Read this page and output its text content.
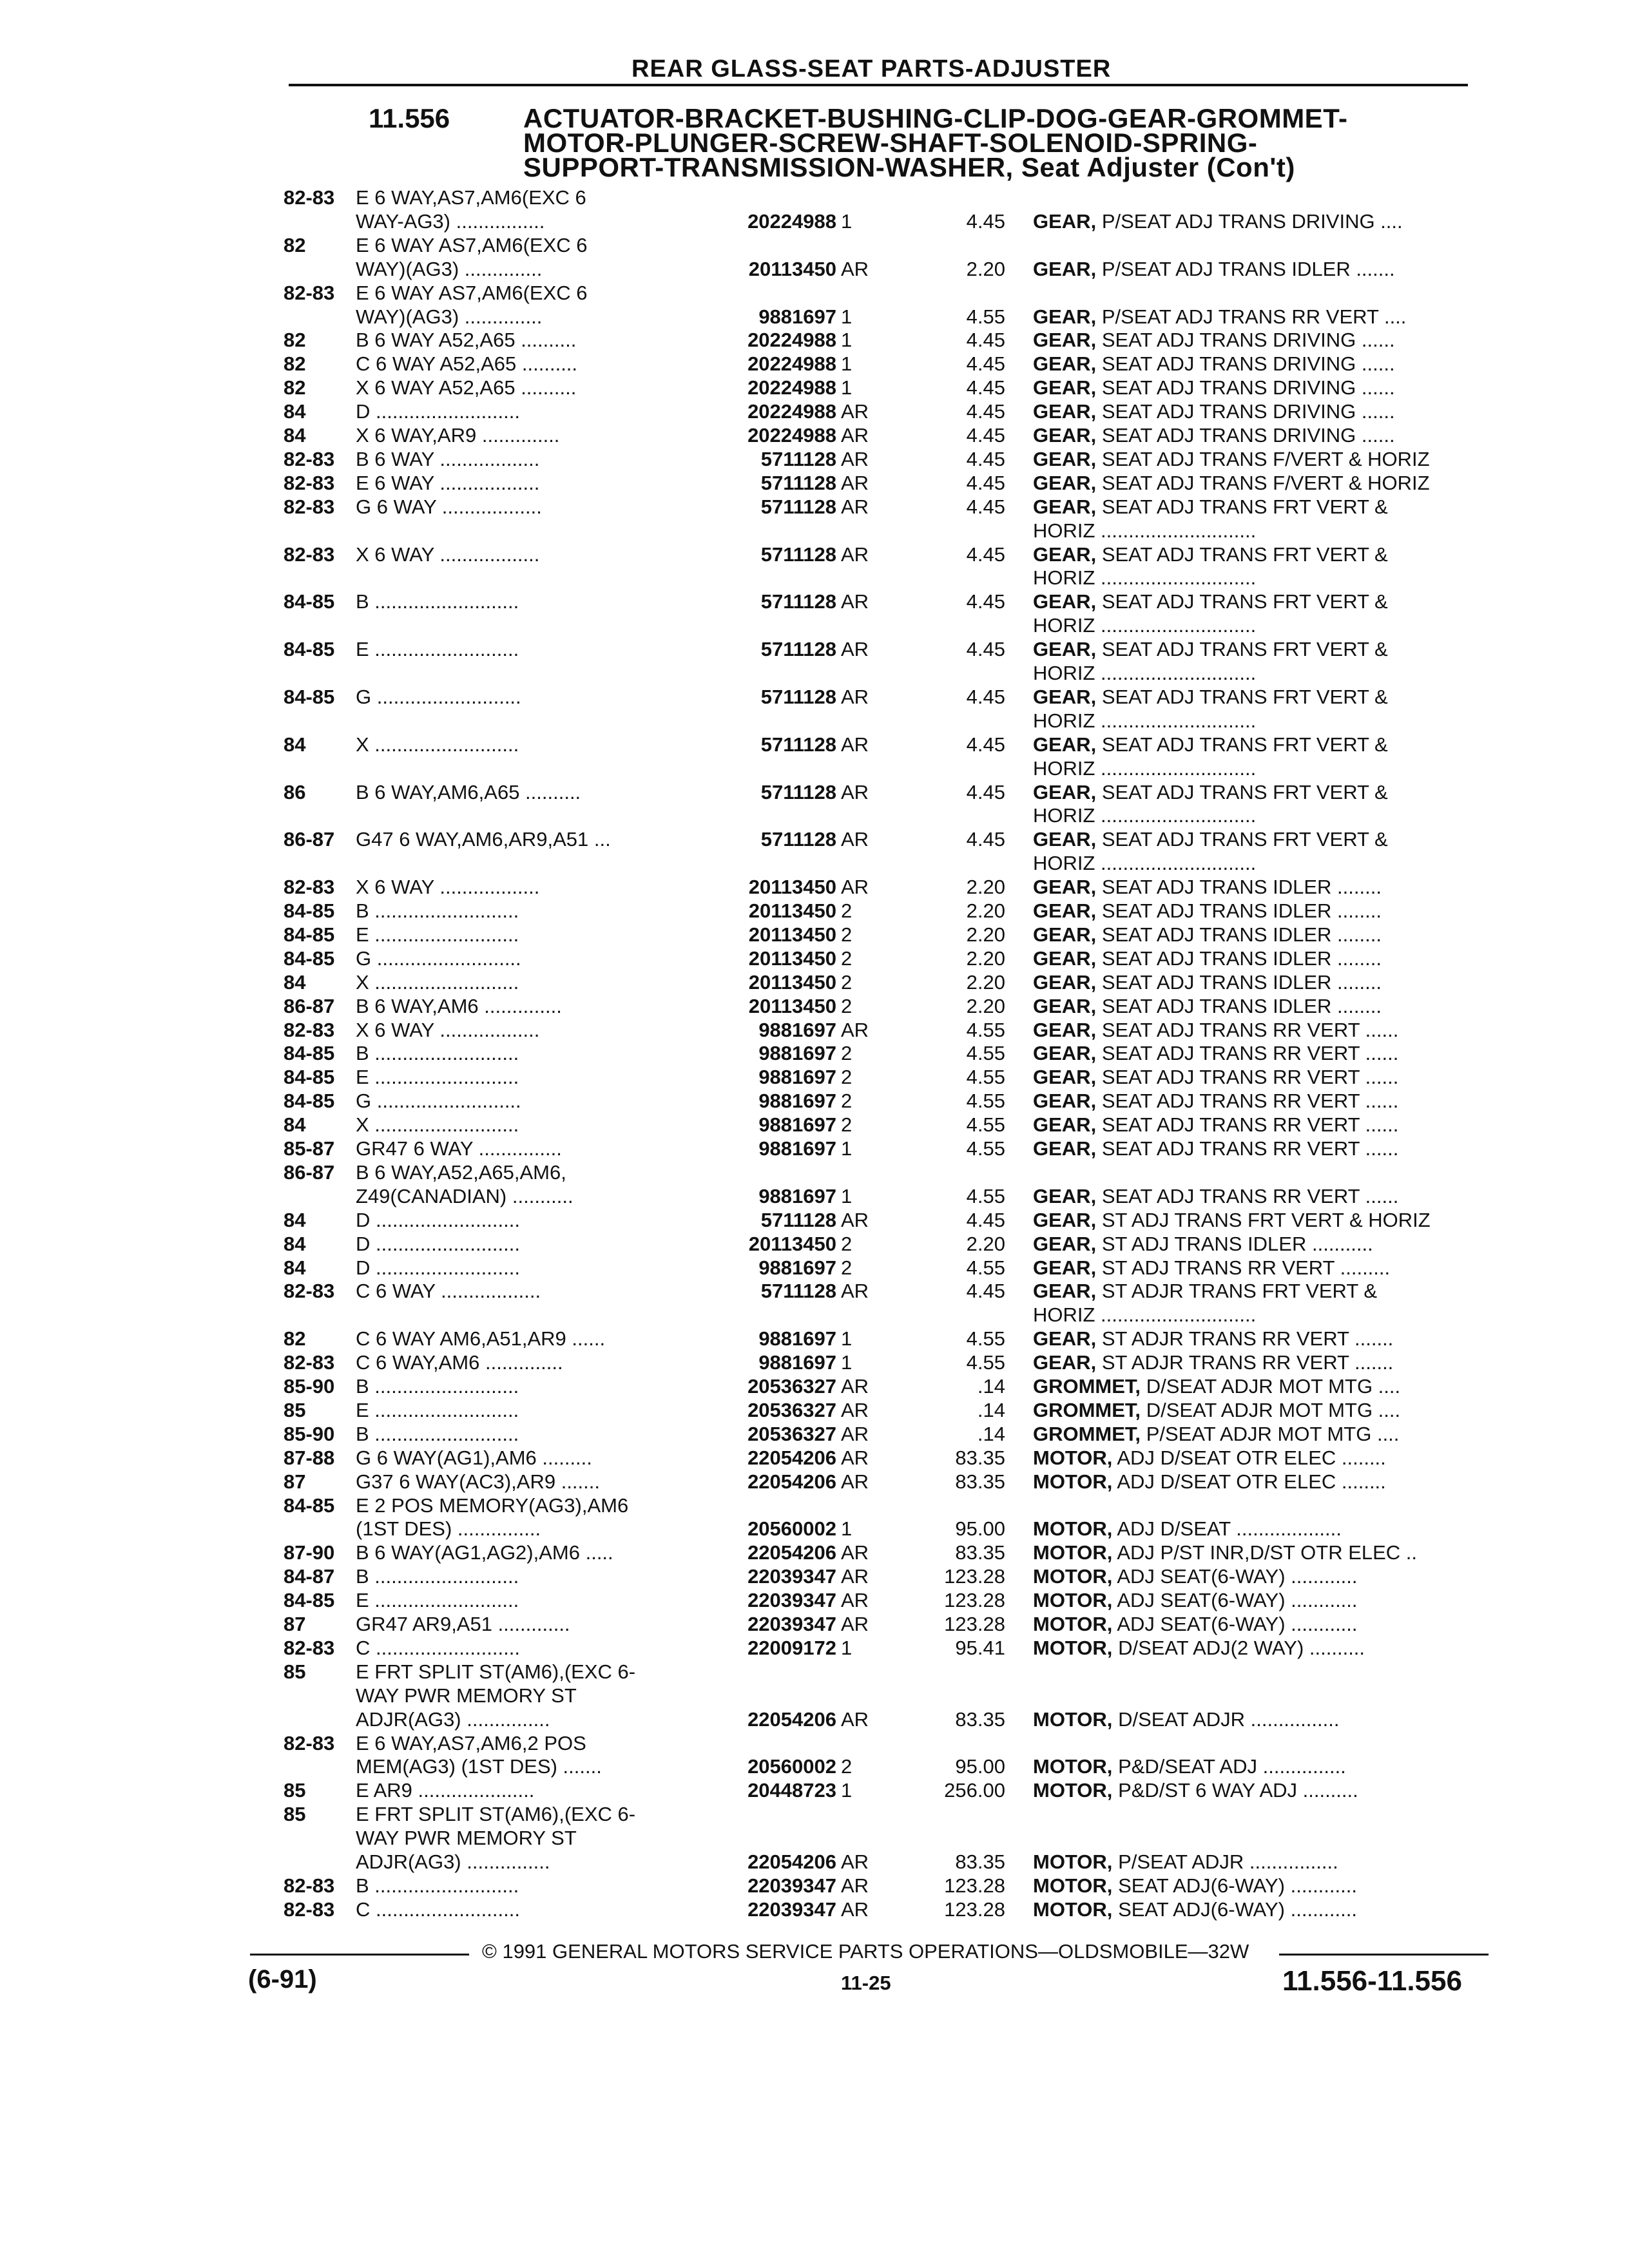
REAR GLASS-SEAT PARTS-ADJUSTER
11.556	ACTUATOR-BRACKET-BUSHING-CLIP-DOG-GEAR-GROMMET-
MOTOR-PLUNGER-SCREW-SHAFT-SOLENOID-SPRING-
SUPPORT-TRANSMISSION-WASHER, Seat Adjuster (Con't)
82-83	E 6 WAY,AS7,AM6(EXC 6
WAY-AG3) ................	20224988 1	4.45 GEAR, P/SEAT ADJ TRANS DRIVING ....
82	E 6 WAY AS7,AM6(EXC 6
WAY)(AG3) ..............	20113450 AR	2.20 GEAR, P/SEAT ADJ TRANS IDLER .......
82-83	E 6 WAY AS7,AM6(EXC 6
WAY)(AG3) ..............	9881697 1	4.55 GEAR, P/SEAT ADJ TRANS RR VERT ....
82	B 6 WAY A52,A65 ..........	20224988 1	4.45 GEAR, SEAT ADJ TRANS DRIVING ......
82	C 6 WAY A52,A65 ..........	20224988 1	4.45 GEAR, SEAT ADJ TRANS DRIVING ......
82	X 6 WAY A52,A65 ..........	20224988 1	4.45 GEAR, SEAT ADJ TRANS DRIVING ......
84	D ..........................	20224988 AR	4.45 GEAR, SEAT ADJ TRANS DRIVING ......
84	X 6 WAY,AR9 ..............	20224988 AR	4.45 GEAR, SEAT ADJ TRANS DRIVING ......
82-83	B 6 WAY ..................	5711128 AR	4.45 GEAR, SEAT ADJ TRANS F/VERT & HORIZ
82-83	E 6 WAY ..................	5711128 AR	4.45 GEAR, SEAT ADJ TRANS F/VERT & HORIZ
82-83	G 6 WAY ..................	5711128 AR	4.45 GEAR, SEAT ADJ TRANS FRT VERT &
HORIZ ............................
82-83	X 6 WAY ..................	5711128 AR	4.45 GEAR, SEAT ADJ TRANS FRT VERT &
HORIZ ............................
84-85	B ..........................	5711128 AR	4.45 GEAR, SEAT ADJ TRANS FRT VERT &
HORIZ ............................
84-85	E ..........................	5711128 AR	4.45 GEAR, SEAT ADJ TRANS FRT VERT &
HORIZ ............................
84-85	G ..........................	5711128 AR	4.45 GEAR, SEAT ADJ TRANS FRT VERT &
HORIZ ............................
84	X ..........................	5711128 AR	4.45 GEAR, SEAT ADJ TRANS FRT VERT &
HORIZ ............................
86	B 6 WAY,AM6,A65 ..........	5711128 AR	4.45 GEAR, SEAT ADJ TRANS FRT VERT &
HORIZ ............................
86-87	G47 6 WAY,AM6,AR9,A51 ...	5711128 AR	4.45 GEAR, SEAT ADJ TRANS FRT VERT &
HORIZ ............................
82-83	X 6 WAY ..................	20113450 AR	2.20 GEAR, SEAT ADJ TRANS IDLER ........
84-85	B ..........................	20113450 2	2.20 GEAR, SEAT ADJ TRANS IDLER ........
84-85	E ..........................	20113450 2	2.20 GEAR, SEAT ADJ TRANS IDLER ........
84-85	G ..........................	20113450 2	2.20 GEAR, SEAT ADJ TRANS IDLER ........
84	X ..........................	20113450 2	2.20 GEAR, SEAT ADJ TRANS IDLER ........
86-87	B 6 WAY,AM6 ..............	20113450 2	2.20 GEAR, SEAT ADJ TRANS IDLER ........
82-83	X 6 WAY ..................	9881697 AR	4.55 GEAR, SEAT ADJ TRANS RR VERT ......
84-85	B ..........................	9881697 2	4.55 GEAR, SEAT ADJ TRANS RR VERT ......
84-85	E ..........................	9881697 2	4.55 GEAR, SEAT ADJ TRANS RR VERT ......
84-85	G ..........................	9881697 2	4.55 GEAR, SEAT ADJ TRANS RR VERT ......
84	X ..........................	9881697 2	4.55 GEAR, SEAT ADJ TRANS RR VERT ......
85-87	GR47 6 WAY ...............	9881697 1	4.55 GEAR, SEAT ADJ TRANS RR VERT ......
86-87	B 6 WAY,A52,A65,AM6,
Z49(CANADIAN) ...........	9881697 1	4.55 GEAR, SEAT ADJ TRANS RR VERT ......
84	D ..........................	5711128 AR	4.45 GEAR, ST ADJ TRANS FRT VERT & HORIZ
84	D ..........................	20113450 2	2.20 GEAR, ST ADJ TRANS IDLER ...........
84	D ..........................	9881697 2	4.55 GEAR, ST ADJ TRANS RR VERT .........
82-83	C 6 WAY ..................	5711128 AR	4.45 GEAR, ST ADJR TRANS FRT VERT &
HORIZ ............................
82	C 6 WAY AM6,A51,AR9 ......	9881697 1	4.55 GEAR, ST ADJR TRANS RR VERT .......
82-83	C 6 WAY,AM6 ..............	9881697 1	4.55 GEAR, ST ADJR TRANS RR VERT .......
85-90	B ..........................	20536327 AR	.14 GROMMET, D/SEAT ADJR MOT MTG ....
85	E ..........................	20536327 AR	.14 GROMMET, D/SEAT ADJR MOT MTG ....
85-90	B ..........................	20536327 AR	.14 GROMMET, P/SEAT ADJR MOT MTG ....
87-88	G 6 WAY(AG1),AM6 .........	22054206 AR	83.35 MOTOR, ADJ D/SEAT OTR ELEC ........
87	G37 6 WAY(AC3),AR9 .......	22054206 AR	83.35 MOTOR, ADJ D/SEAT OTR ELEC ........
84-85	E 2 POS MEMORY(AG3),AM6
(1ST DES) ...............	20560002 1	95.00 MOTOR, ADJ D/SEAT ...................
87-90	B 6 WAY(AG1,AG2),AM6 .....	22054206 AR	83.35 MOTOR, ADJ P/ST INR,D/ST OTR ELEC ..
84-87	B ..........................	22039347 AR	123.28 MOTOR, ADJ SEAT(6-WAY) ............
84-85	E ..........................	22039347 AR	123.28 MOTOR, ADJ SEAT(6-WAY) ............
87	GR47 AR9,A51 .............	22039347 AR	123.28 MOTOR, ADJ SEAT(6-WAY) ............
82-83	C ..........................	22009172 1	95.41 MOTOR, D/SEAT ADJ(2 WAY) ..........
85	E FRT SPLIT ST(AM6),(EXC 6-
WAY PWR MEMORY ST
ADJR(AG3) ...............	22054206 AR	83.35 MOTOR, D/SEAT ADJR ................
82-83	E 6 WAY,AS7,AM6,2 POS
MEM(AG3) (1ST DES) .......	20560002 2	95.00 MOTOR, P&D/SEAT ADJ ...............
85	E AR9 .....................	20448723 1	256.00 MOTOR, P&D/ST 6 WAY ADJ ..........
85	E FRT SPLIT ST(AM6),(EXC 6-
WAY PWR MEMORY ST
ADJR(AG3) ...............	22054206 AR	83.35 MOTOR, P/SEAT ADJR ................
82-83	B ..........................	22039347 AR	123.28 MOTOR, SEAT ADJ(6-WAY) ............
82-83	C ..........................	22039347 AR	123.28 MOTOR, SEAT ADJ(6-WAY) ............
© 1991 GENERAL MOTORS SERVICE PARTS OPERATIONS—OLDSMOBILE—32W
(6-91)	11-25	11.556-11.556
